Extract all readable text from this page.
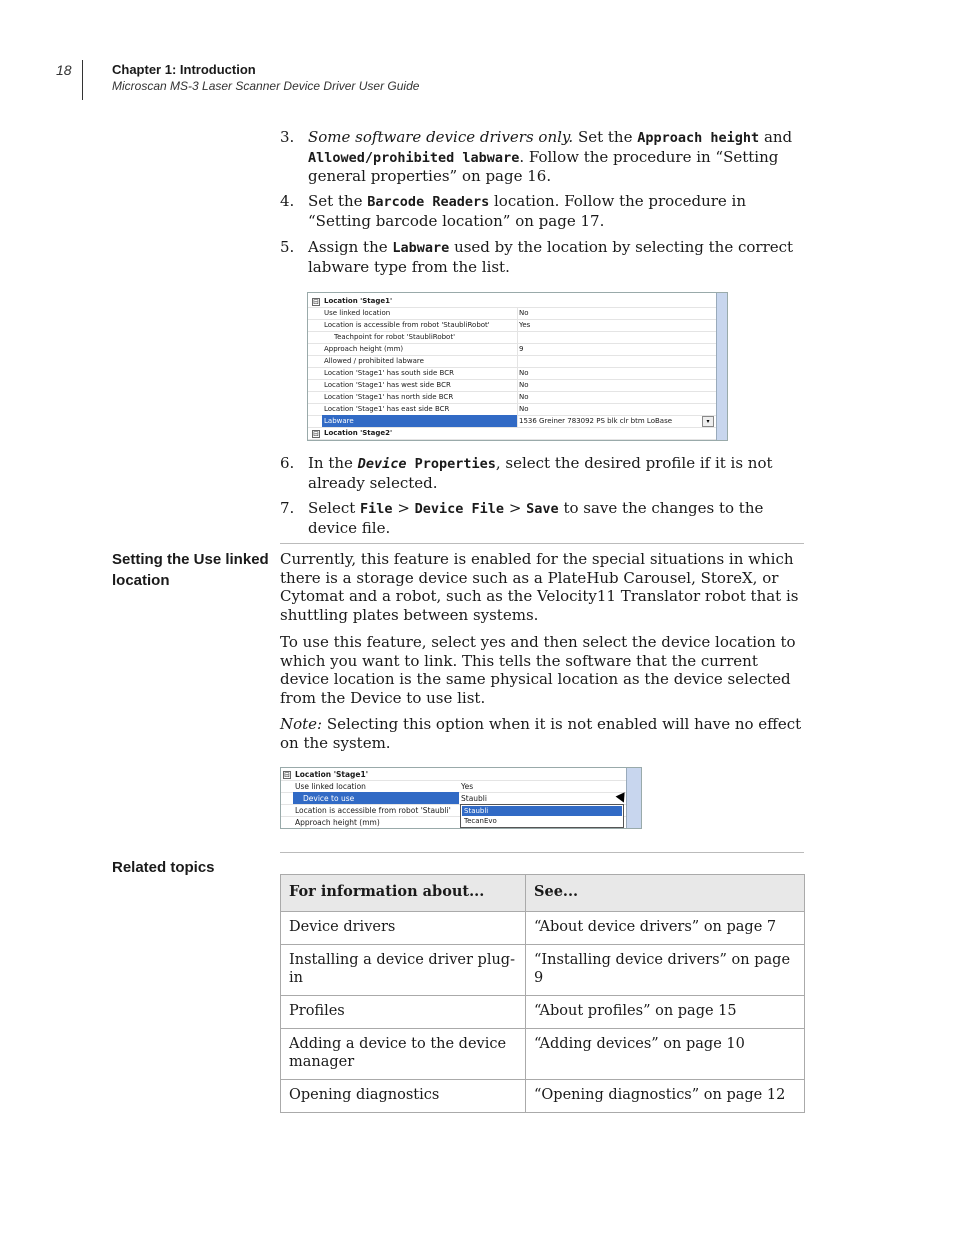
18	Chapter 1: Introduction
Microscan MS-3 Laser Scanner Device Driver User Guide
3. Some software device drivers only. Set the Approach height and Allowed/prohibited labware. Follow the procedure in “Setting general properties” on page 16.
4. Set the Barcode Readers location. Follow the procedure in “Setting barcode location” on page 17.
5. Assign the Labware used by the location by selecting the correct labware type from the list.
⊟ Location 'Stage1'
Use linked location	No
Location is accessible from robot 'StaubliRobot'	Yes
Teachpoint for robot 'StaubliRobot'
Approach height (mm)	9
Allowed / prohibited labware
Location 'Stage1' has south side BCR	No
Location 'Stage1' has west side BCR	No
Location 'Stage1' has north side BCR	No
Location 'Stage1' has east side BCR	No
Labware	1536 Greiner 783092 PS blk clr btm LoBase	▾
⊟ Location 'Stage2'
6. In the Device Properties, select the desired profile if it is not already selected.
7. Select File > Device File > Save to save the changes to the device file.
Setting the Use linked location
Currently, this feature is enabled for the special situations in which there is a storage device such as a PlateHub Carousel, StoreX, or Cytomat and a robot, such as the Velocity11 Translator robot that is shuttling plates between systems.
To use this feature, select yes and then select the device location to which you want to link. This tells the software that the current device location is the same physical location as the device selected from the Device to use list.
Note: Selecting this option when it is not enabled will have no effect on the system.
⊟ Location 'Stage1'
Use linked location	Yes
Device to use	Staubli
Location is accessible from robot 'Staubli'
Approach height (mm)
Staubli
TecanEvo
Related topics
For information about...	See...
Device drivers	“About device drivers” on page 7
Installing a device driver plug-in	“Installing device drivers” on page 9
Profiles	“About profiles” on page 15
Adding a device to the device manager	“Adding devices” on page 10
Opening diagnostics	“Opening diagnostics” on page 12
